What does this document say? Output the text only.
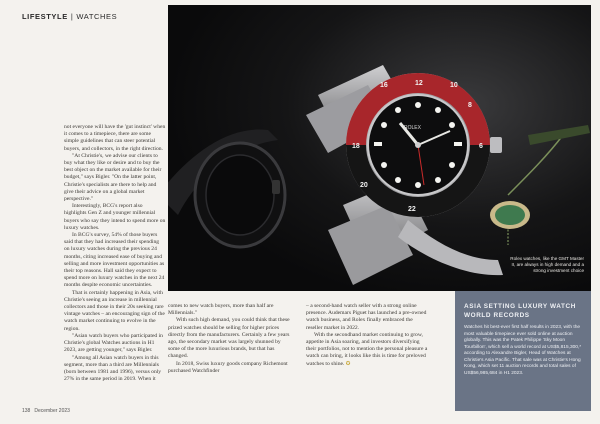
LIFESTYLE | WATCHES
ROLEX
12
8
6
10
16
18
20
22
Rolex watches, like the GMT Master II, are always in high demand and a strong investment choice

not everyone will have the 'gut instinct' when it comes to a timepiece, there are some simple guidelines that can steer potential buyers, and collectors, in the right direction.

"At Christie's, we advise our clients to buy what they like or desire and to buy the best object on the market available for their budget," says Bigler. "On the latter point, Christie's specialists are there to help and give their advice on a global market perspective."

Interestingly, BCG's report also highlights Gen Z and younger millennial buyers who say they intend to spend more on luxury watches.

In BCG's survey, 54% of those buyers said that they had increased their spending on luxury watches during the previous 24 months, citing increased ease of buying and selling and more investment opportunities as their top reasons. Hall said they expect to spend more on luxury watches in the next 24 months despite economic uncertainties.

That is certainly happening in Asia, with Christie's seeing an increase in millennial collectors and those in their 20s seeking rare vintage watches – an encouraging sign of the watch market continuing to evolve in the region.

"Asian watch buyers who participated in Christie's global Watches auctions in H1 2023, are getting younger," says Bigler.

"Among all Asian watch buyers in this segment, more than a third are Millennials (born between 1981 and 1996), versus only 27% in the same period in 2019. When it

comes to new watch buyers, more than half are Millennials."

With such high demand, you could think that these prized watches should be selling for higher prices directly from the manufacturers. Certainly a few years ago, the secondary market was largely shunned by some of the more luxurious brands, but that has changed.

In 2018, Swiss luxury goods company Richemont purchased Watchfinder

– a second-hand watch seller with a strong online presence. Audemars Piguet has launched a pre-owned watch business, and Rolex finally embraced the reseller market in 2022.

With the secondhand market continuing to grow, appetite in Asia soaring, and investors diversifying their portfolios, not to mention the personal pleasure a watch can bring, it looks like this is time for preloved watches to shine. ✪

ASIA SETTING LUXURY WATCH WORLD RECORDS
Watches hit best-ever first half results in 2023, with the most valuable timepiece ever sold online at auction globally. This was the Patek Philippe 'Sky Moon Tourbillon', which sell a world record at US$5,815,300,* according to Alexandre Bigler, Head of Watches at Christie's Asia Pacific. That sale was at Christie's Hong Kong, which set 11 auction records and total sales of US$56,985,684 in H1 2023.
138 December 2023
